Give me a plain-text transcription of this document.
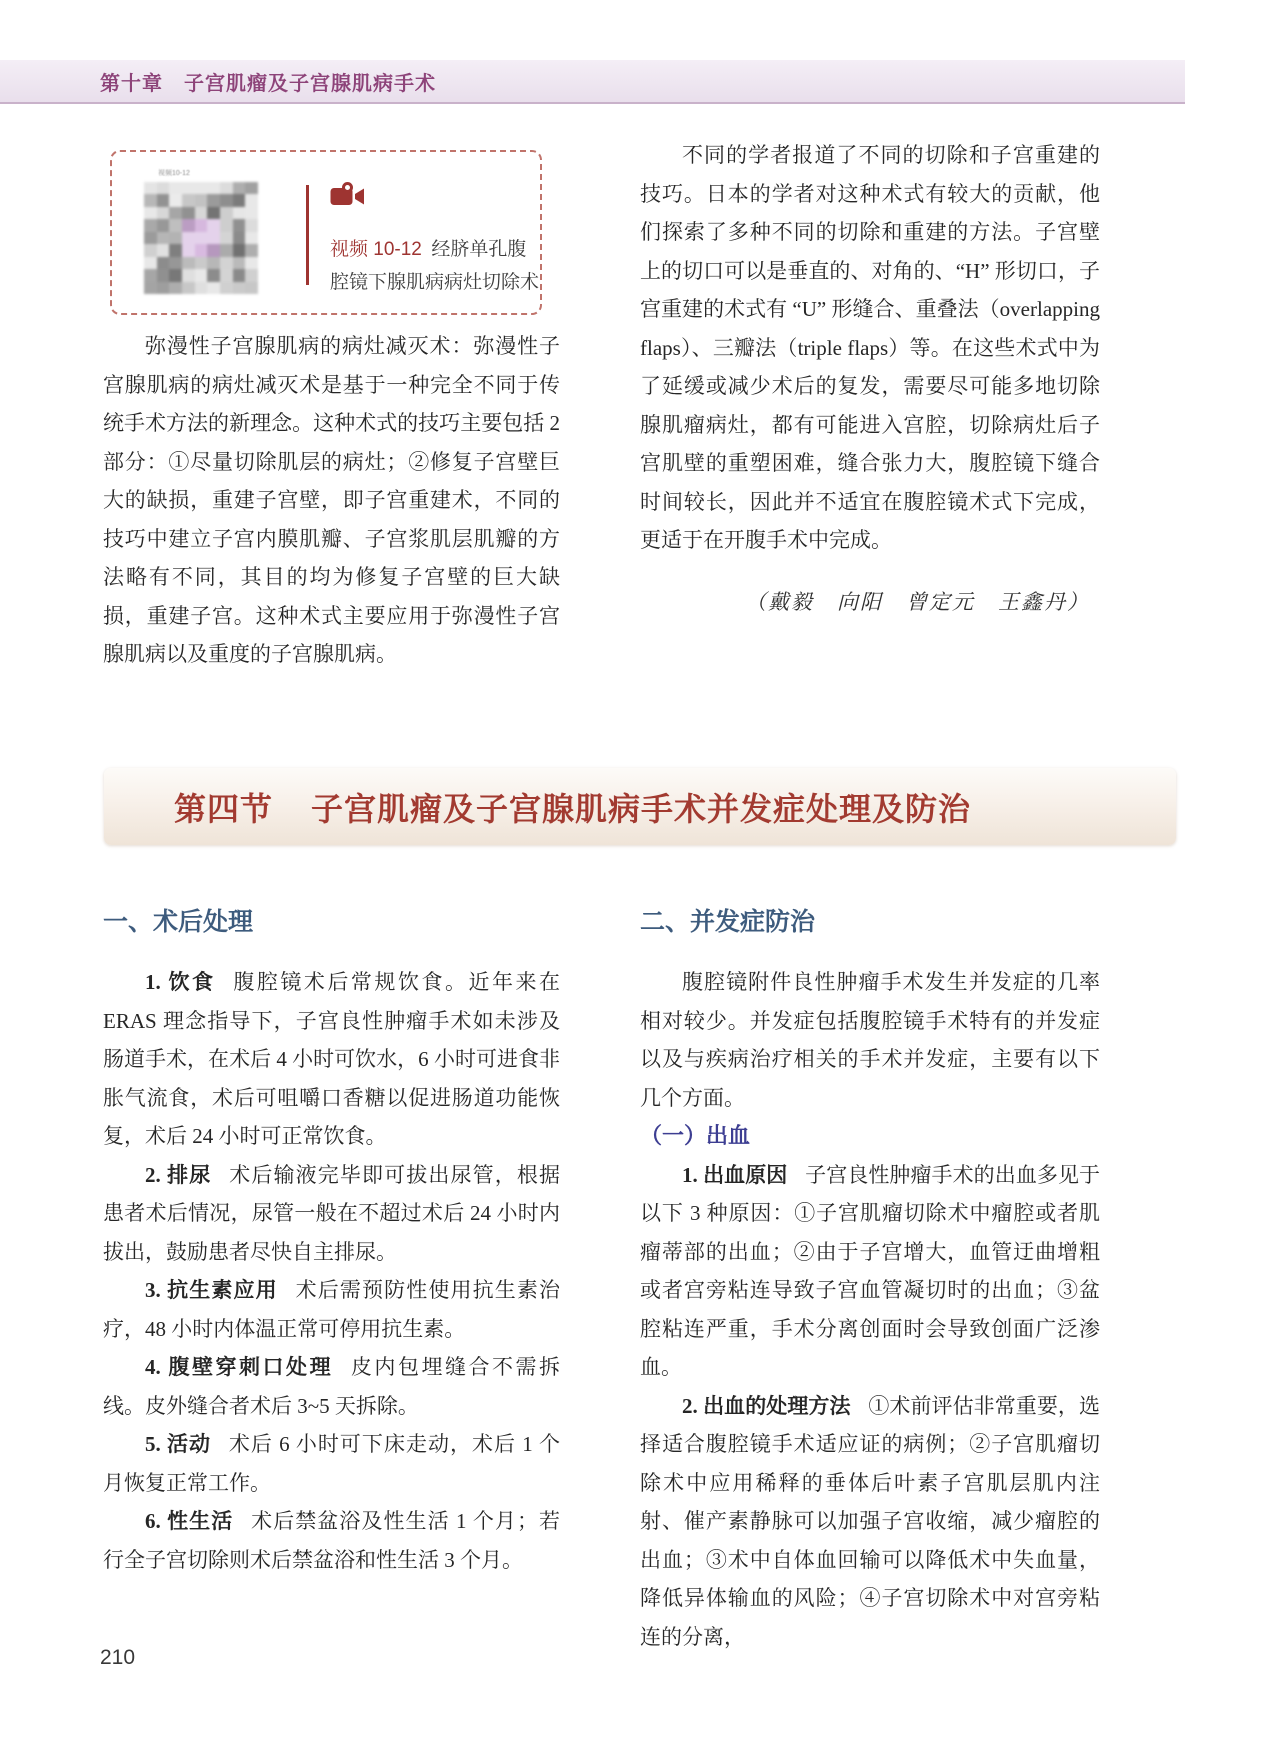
第十章　子宫肌瘤及子宫腺肌病手术
视频10-12

视频 10-12 经脐单孔腹腔镜下腺肌病病灶切除术

弥漫性子宫腺肌病的病灶减灭术：弥漫性子宫腺肌病的病灶减灭术是基于一种完全不同于传统手术方法的新理念。这种术式的技巧主要包括 2 部分：①尽量切除肌层的病灶；②修复子宫壁巨大的缺损，重建子宫壁，即子宫重建术，不同的技巧中建立子宫内膜肌瓣、子宫浆肌层肌瓣的方法略有不同，其目的均为修复子宫壁的巨大缺损，重建子宫。这种术式主要应用于弥漫性子宫腺肌病以及重度的子宫腺肌病。

不同的学者报道了不同的切除和子宫重建的技巧。日本的学者对这种术式有较大的贡献，他们探索了多种不同的切除和重建的方法。子宫壁上的切口可以是垂直的、对角的、“H” 形切口，子宫重建的术式有 “U” 形缝合、重叠法（overlapping flaps）、三瓣法（triple flaps）等。在这些术式中为了延缓或减少术后的复发，需要尽可能多地切除腺肌瘤病灶，都有可能进入宫腔，切除病灶后子宫肌壁的重塑困难，缝合张力大，腹腔镜下缝合时间较长，因此并不适宜在腹腔镜术式下完成，更适于在开腹手术中完成。

（戴毅　向阳　曾定元　王鑫丹）

第四节 子宫肌瘤及子宫腺肌病手术并发症处理及防治
一、术后处理

1. 饮食 腹腔镜术后常规饮食。近年来在 ERAS 理念指导下，子宫良性肿瘤手术如未涉及肠道手术，在术后 4 小时可饮水，6 小时可进食非胀气流食，术后可咀嚼口香糖以促进肠道功能恢复，术后 24 小时可正常饮食。

2. 排尿 术后输液完毕即可拔出尿管，根据患者术后情况，尿管一般在不超过术后 24 小时内拔出，鼓励患者尽快自主排尿。

3. 抗生素应用 术后需预防性使用抗生素治疗，48 小时内体温正常可停用抗生素。

4. 腹壁穿刺口处理 皮内包埋缝合不需拆线。皮外缝合者术后 3~5 天拆除。

5. 活动 术后 6 小时可下床走动，术后 1 个月恢复正常工作。

6. 性生活 术后禁盆浴及性生活 1 个月；若行全子宫切除则术后禁盆浴和性生活 3 个月。

二、并发症防治

腹腔镜附件良性肿瘤手术发生并发症的几率相对较少。并发症包括腹腔镜手术特有的并发症以及与疾病治疗相关的手术并发症，主要有以下几个方面。

（一）出血

1. 出血原因 子宫良性肿瘤手术的出血多见于以下 3 种原因：①子宫肌瘤切除术中瘤腔或者肌瘤蒂部的出血；②由于子宫增大，血管迂曲增粗或者宫旁粘连导致子宫血管凝切时的出血；③盆腔粘连严重，手术分离创面时会导致创面广泛渗血。

2. 出血的处理方法 ①术前评估非常重要，选择适合腹腔镜手术适应证的病例；②子宫肌瘤切除术中应用稀释的垂体后叶素子宫肌层肌内注射、催产素静脉可以加强子宫收缩，减少瘤腔的出血；③术中自体血回输可以降低术中失血量，降低异体输血的风险；④子宫切除术中对宫旁粘连的分离，

210
